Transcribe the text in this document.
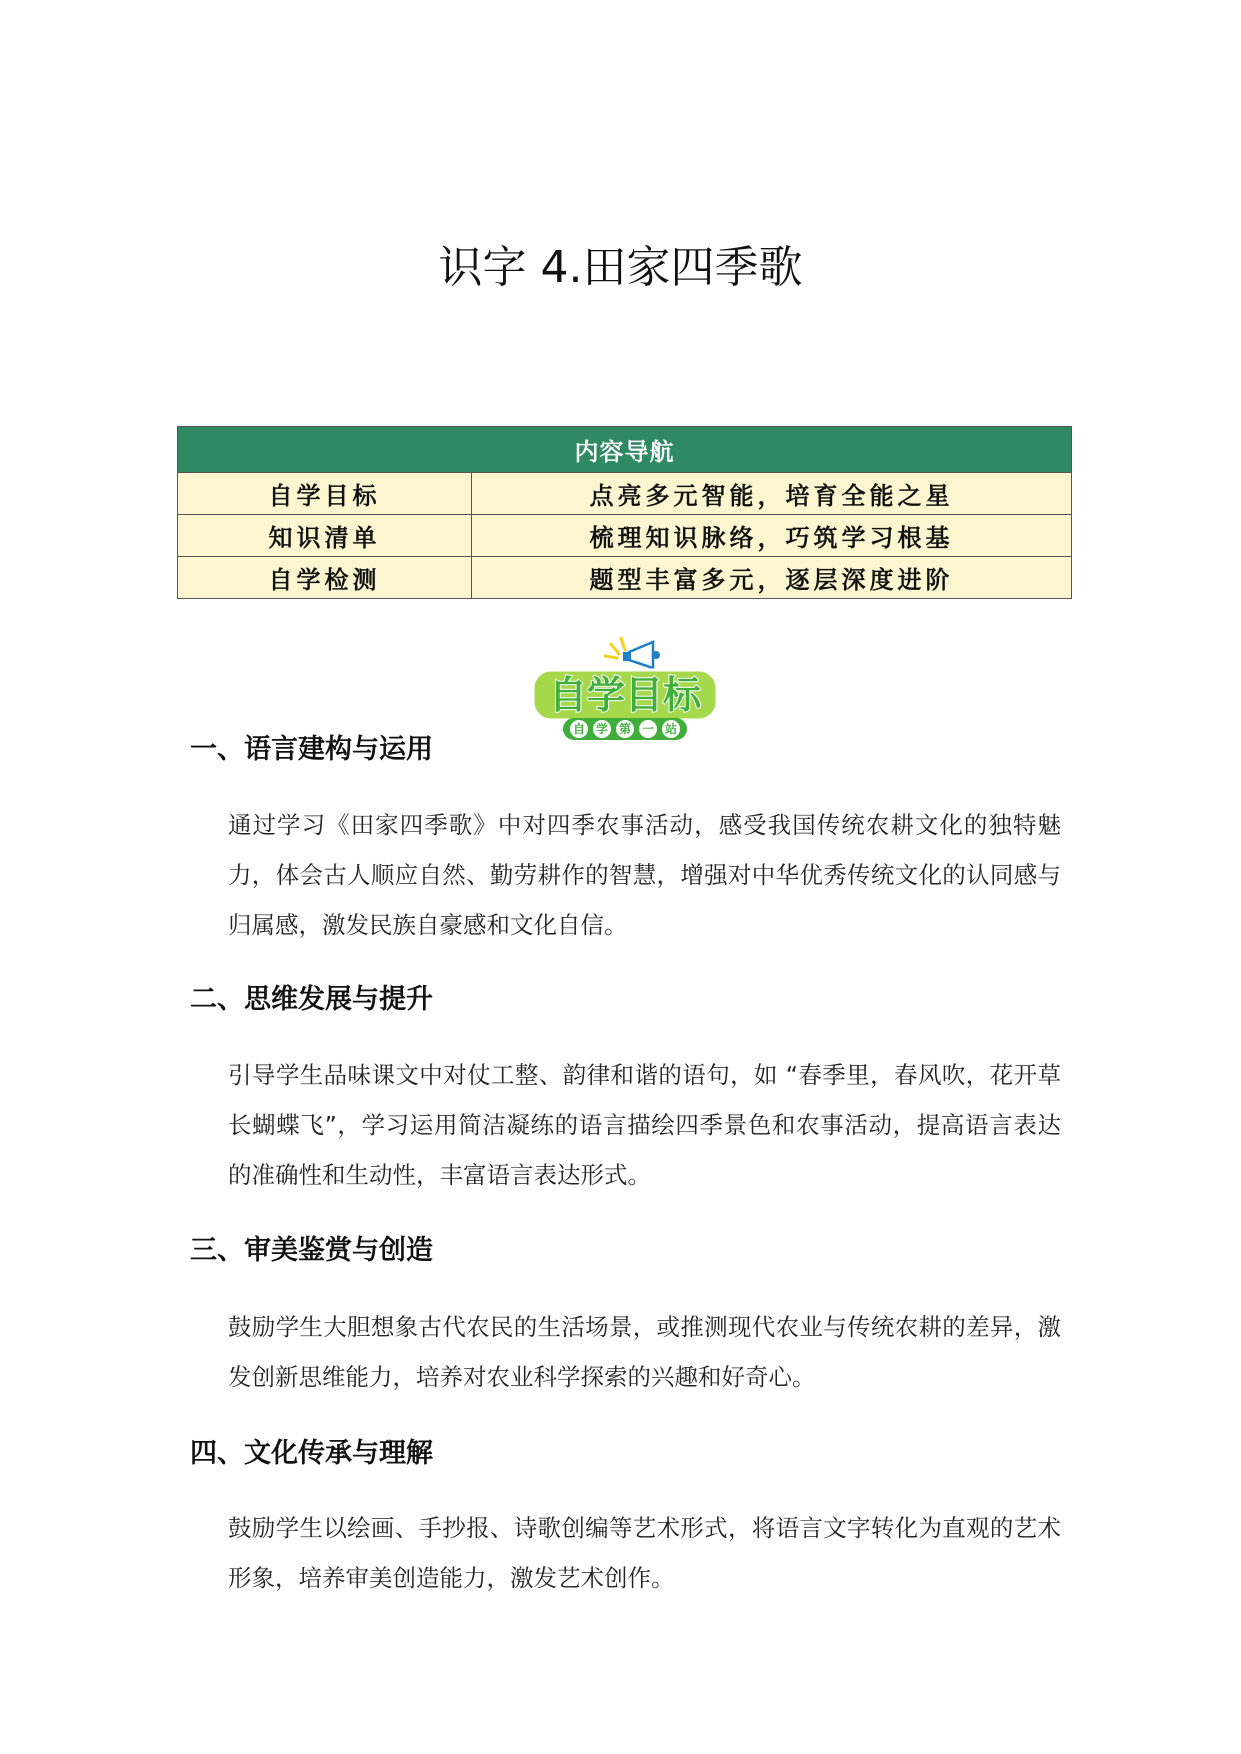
识字 4.田家四季歌
内容导航	
自学目标	点亮多元智能，培育全能之星
知识清单	梳理知识脉络，巧筑学习根基
自学检测	题型丰富多元，逐层深度进阶
自学目标
自 学 第 一 站
一、语言建构与运用

通过学习《田家四季歌》中对四季农事活动，感受我国传统农耕文化的独特魅力，体会古人顺应自然、勤劳耕作的智慧，增强对中华优秀传统文化的认同感与归属感，激发民族自豪感和文化自信。

二、思维发展与提升

引导学生品味课文中对仗工整、韵律和谐的语句，如 “春季里，春风吹，花开草长蝴蝶飞”，学习运用简洁凝练的语言描绘四季景色和农事活动，提高语言表达的准确性和生动性，丰富语言表达形式。

三、审美鉴赏与创造

鼓励学生大胆想象古代农民的生活场景，或推测现代农业与传统农耕的差异，激发创新思维能力，培养对农业科学探索的兴趣和好奇心。

四、文化传承与理解

鼓励学生以绘画、手抄报、诗歌创编等艺术形式，将语言文字转化为直观的艺术形象，培养审美创造能力，激发艺术创作。
